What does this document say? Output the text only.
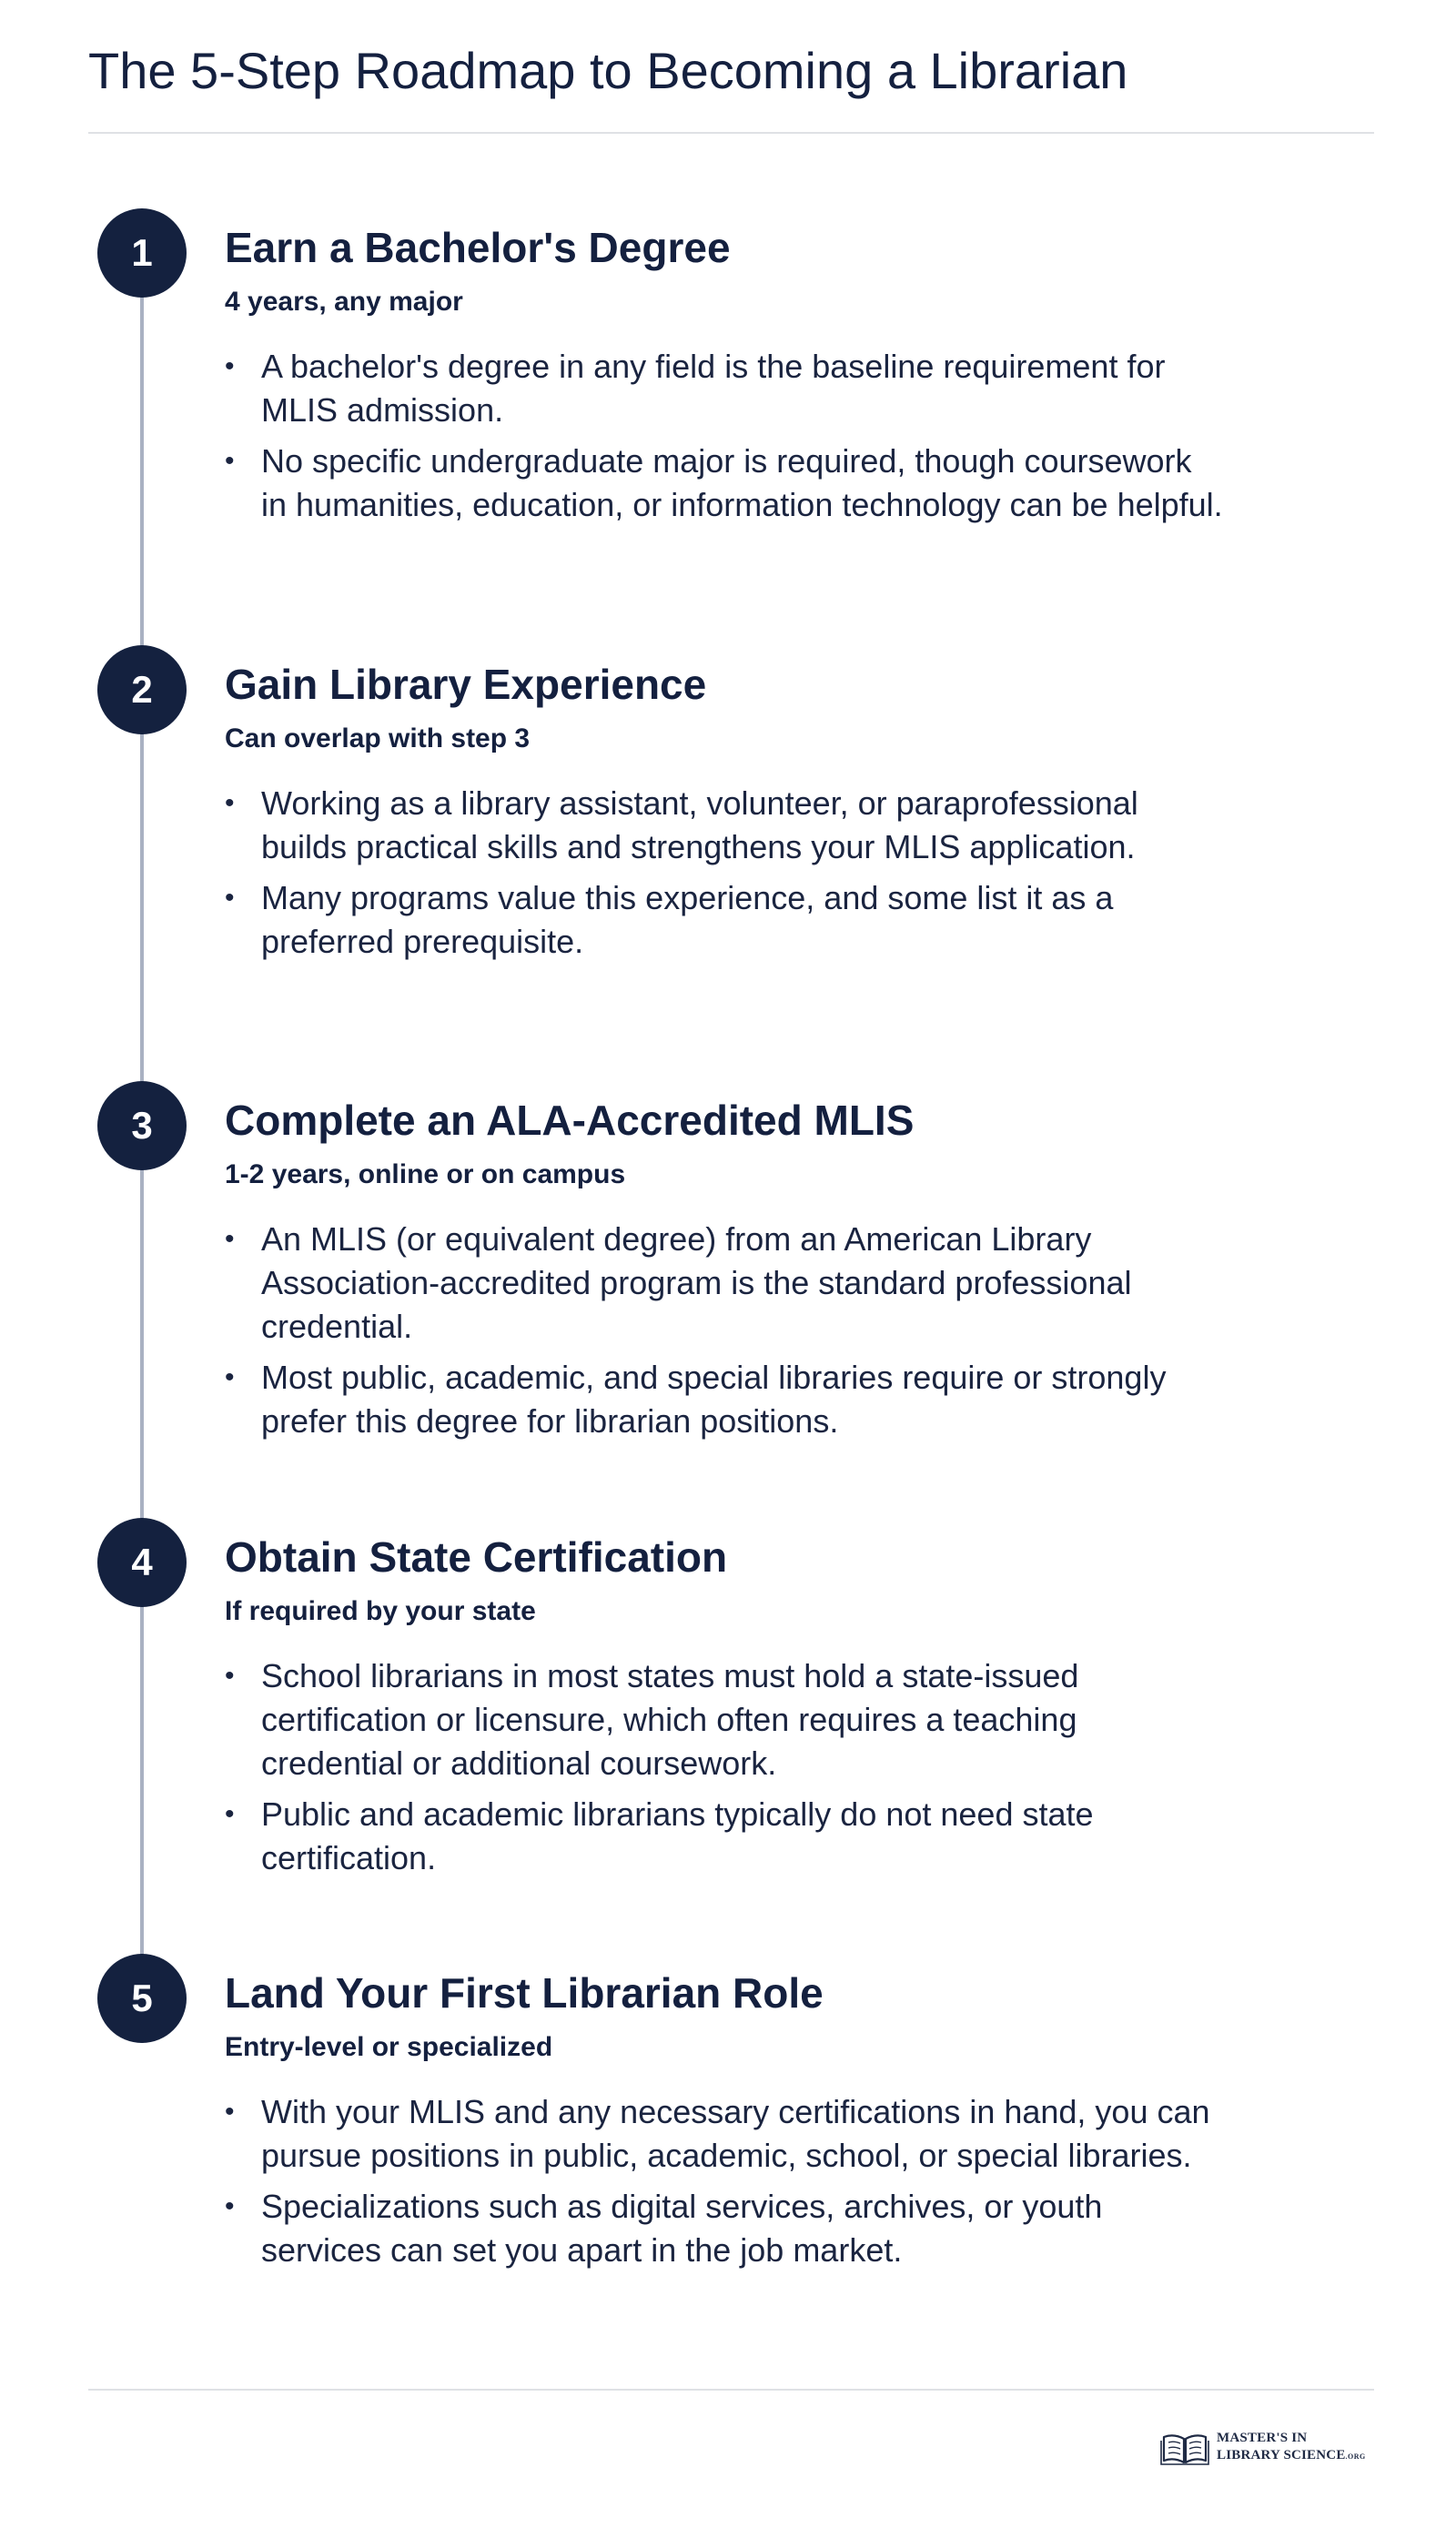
The 5-Step Roadmap to Becoming a Librarian
1	Earn a Bachelor's Degree
4 years, any major
• A bachelor's degree in any field is the baseline requirement for MLIS admission.
• No specific undergraduate major is required, though coursework in humanities, education, or information technology can be helpful.
2	Gain Library Experience
Can overlap with step 3
• Working as a library assistant, volunteer, or paraprofessional builds practical skills and strengthens your MLIS application.
• Many programs value this experience, and some list it as a preferred prerequisite.
3	Complete an ALA-Accredited MLIS
1-2 years, online or on campus
• An MLIS (or equivalent degree) from an American Library Association-accredited program is the standard professional credential.
• Most public, academic, and special libraries require or strongly prefer this degree for librarian positions.
4	Obtain State Certification
If required by your state
• School librarians in most states must hold a state-issued certification or licensure, which often requires a teaching credential or additional coursework.
• Public and academic librarians typically do not need state certification.
5	Land Your First Librarian Role
Entry-level or specialized
• With your MLIS and any necessary certifications in hand, you can pursue positions in public, academic, school, or special libraries.
• Specializations such as digital services, archives, or youth services can set you apart in the job market.
MASTER'S IN
LIBRARY SCIENCE.ORG
